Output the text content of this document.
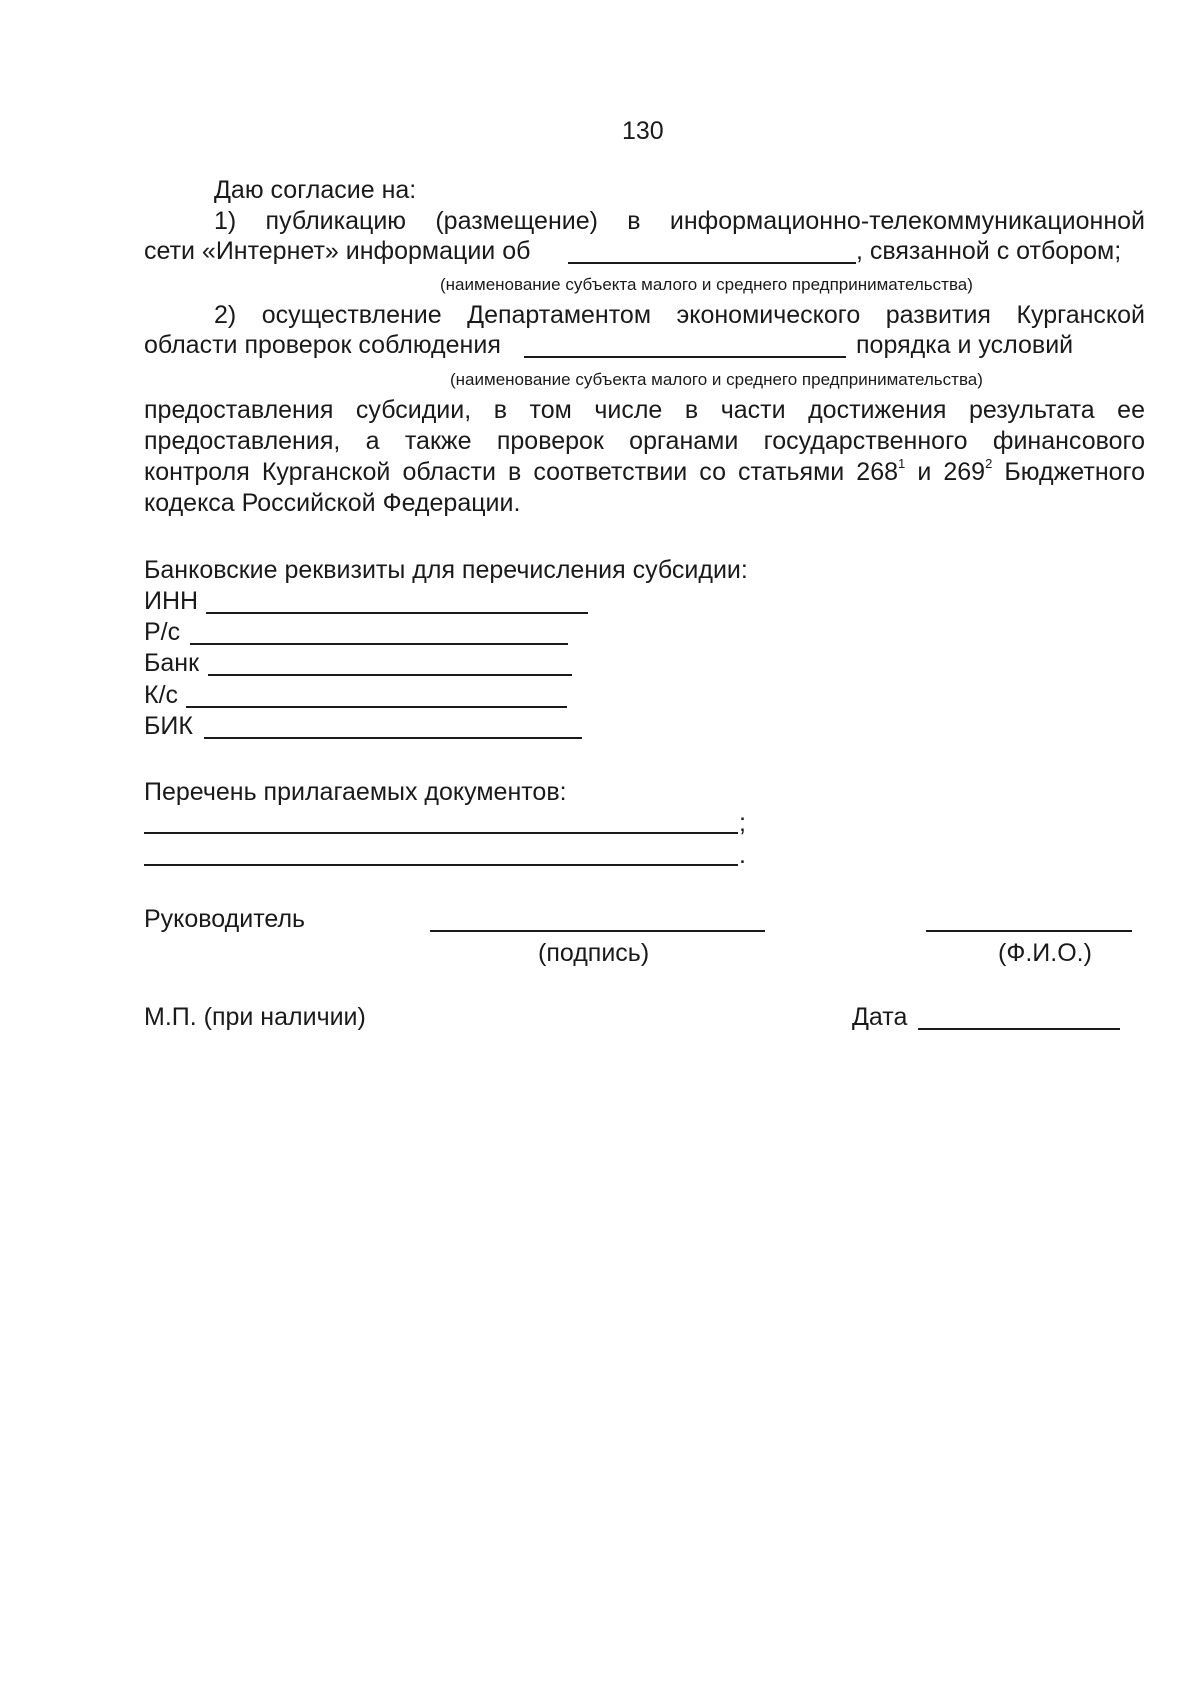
130
Даю согласие на:
1) публикацию (размещение) в информационно-телекоммуникационной
сети «Интернет» информации об	, связанной с отбором;
(наименование субъекта малого и среднего предпринимательства)
2) осуществление Департаментом экономического развития Курганской
области проверок соблюдения	порядка и условий
(наименование субъекта малого и среднего предпринимательства)
предоставления субсидии, в том числе в части достижения результата ее
предоставления, а также проверок органами государственного финансового
контроля Курганской области в соответствии со статьями $268^1$ и $269^2$ Бюджетного
кодекса Российской Федерации.
Банковские реквизиты для перечисления субсидии:
ИНН
Р/с
Банк
К/с
БИК
Перечень прилагаемых документов:
;
.
Руководитель
(подпись)	(Ф.И.О.)
М.П. (при наличии)	Дата
